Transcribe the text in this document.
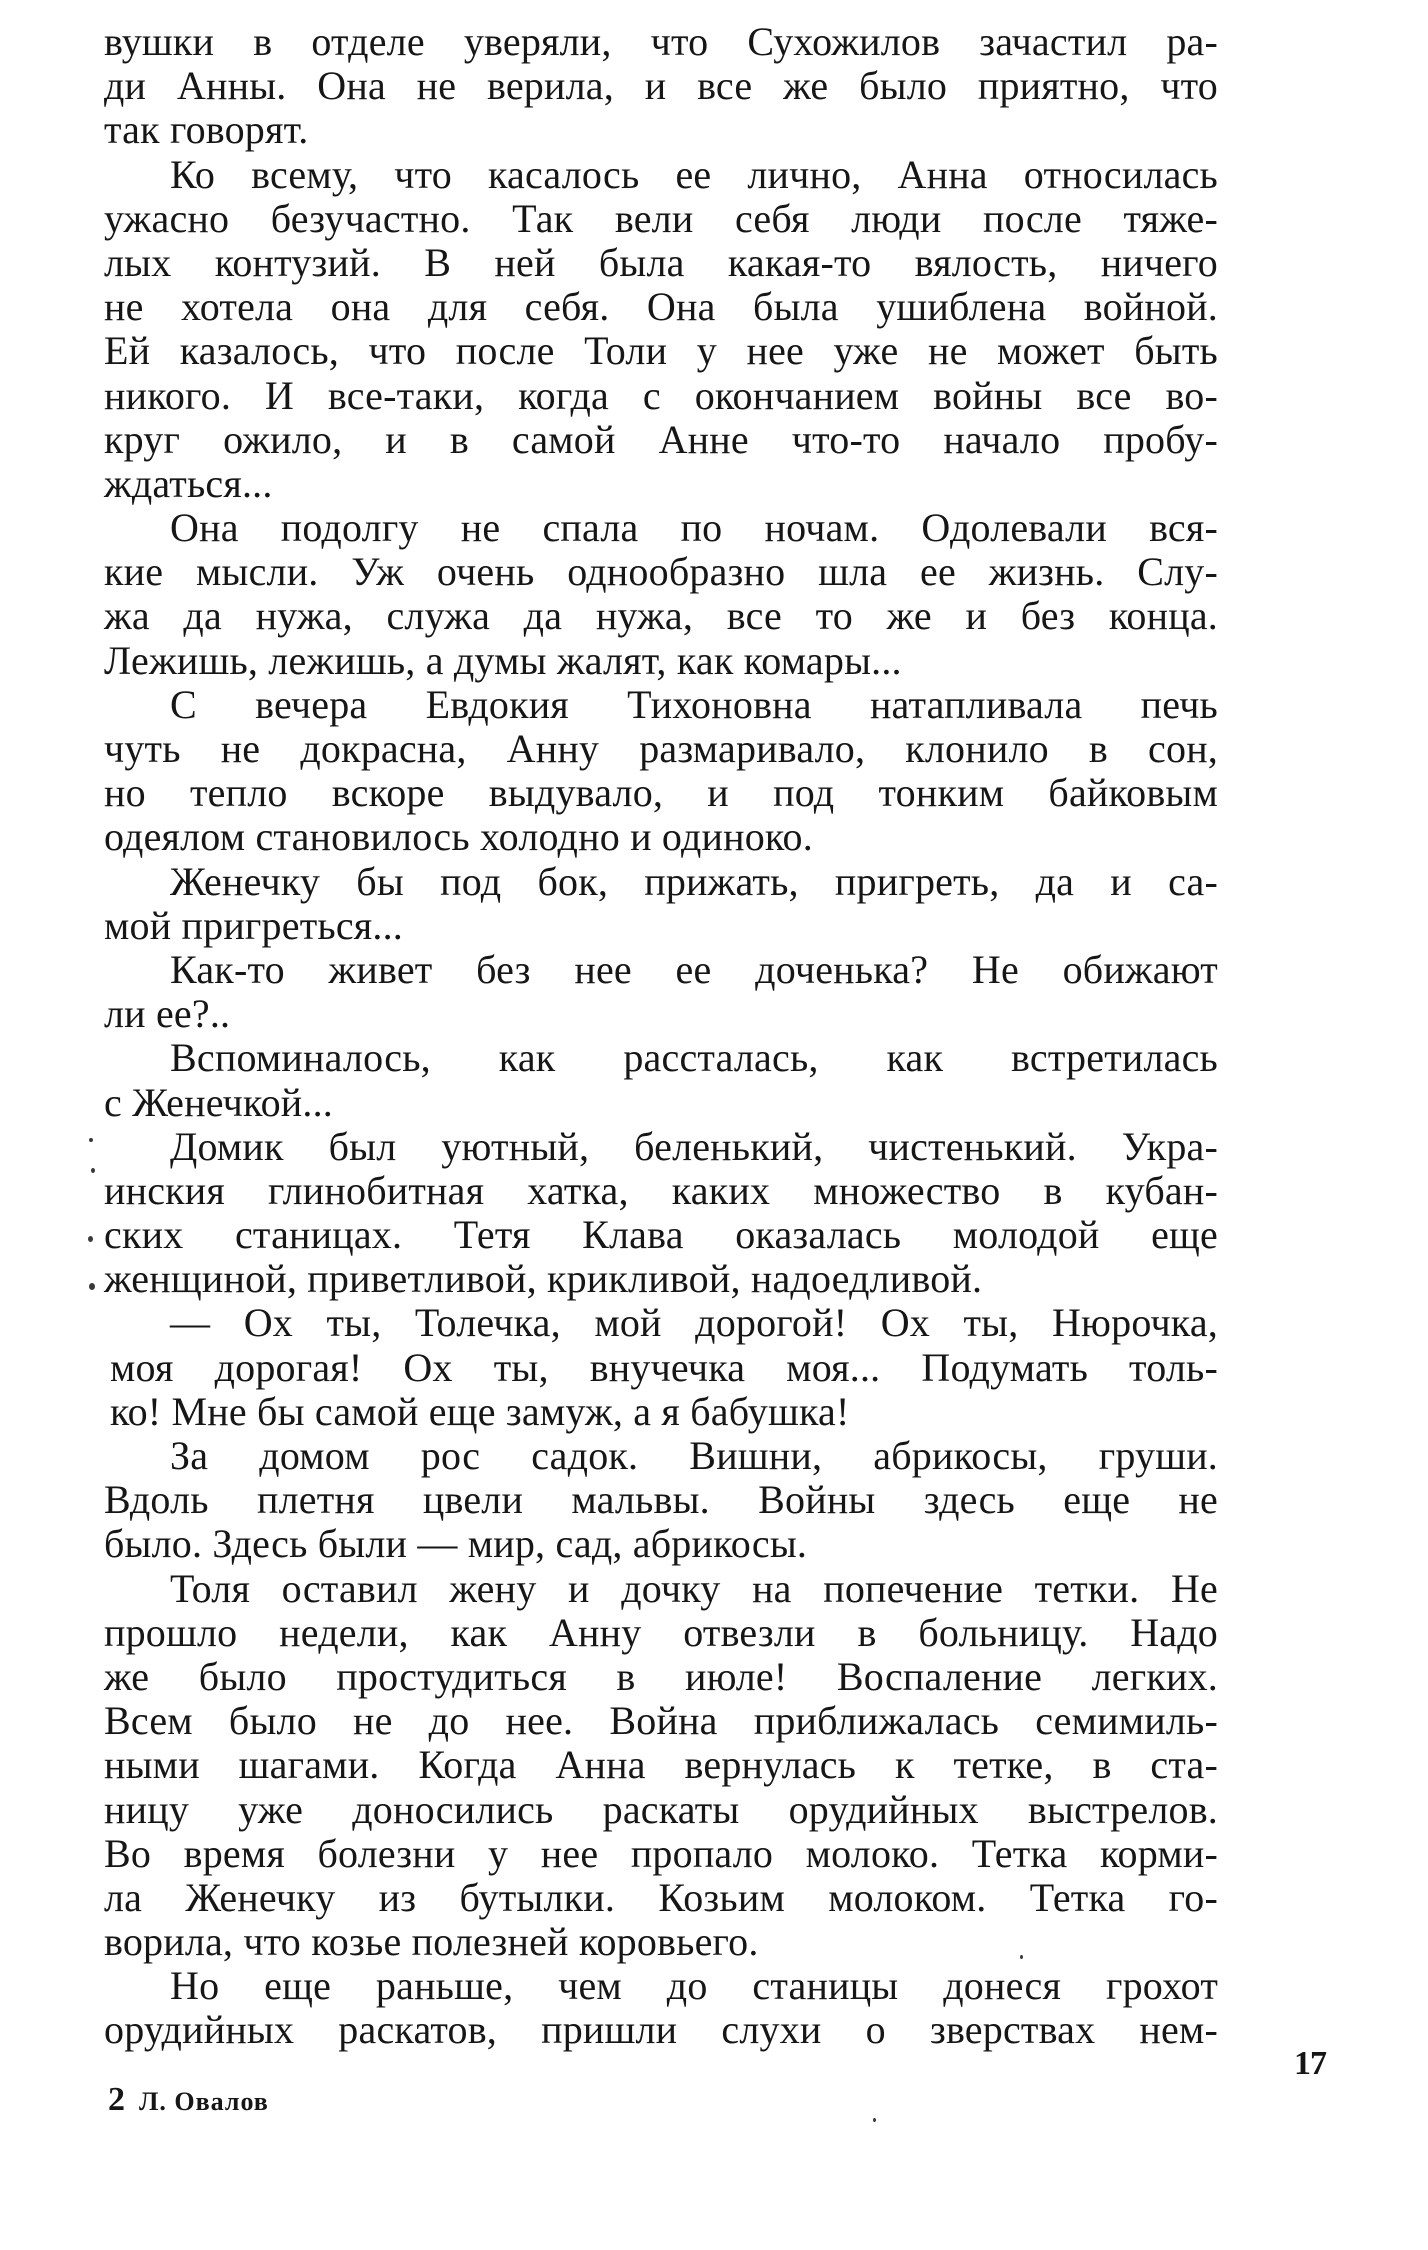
вушки в отделе уверяли, что Сухожилов зачастил ра-
ди Анны. Она не верила, и все же было приятно, что
так говорят.
Ко всему, что касалось ее лично, Анна относилась
ужасно безучастно. Так вели себя люди после тяже-
лых контузий. В ней была какая-то вялость, ничего
не хотела она для себя. Она была ушиблена войной.
Ей казалось, что после Толи у нее уже не может быть
никого. И все-таки, когда с окончанием войны все во-
круг ожило, и в самой Анне что-то начало пробу-
ждаться...
Она подолгу не спала по ночам. Одолевали вся-
кие мысли. Уж очень однообразно шла ее жизнь. Слу-
жа да нужа, служа да нужа, все то же и без конца.
Лежишь, лежишь, а думы жалят, как комары...
С вечера Евдокия Тихоновна натапливала печь
чуть не докрасна, Анну размаривало, клонило в сон,
но тепло вскоре выдувало, и под тонким байковым
одеялом становилось холодно и одиноко.
Женечку бы под бок, прижать, пригреть, да и са-
мой пригреться...
Как-то живет без нее ее доченька? Не обижают
ли ее?..
Вспоминалось, как рассталась, как встретилась
с Женечкой...
Домик был уютный, беленький, чистенький. Укра-
инския глинобитная хатка, каких множество в кубан-
ских станицах. Тетя Клава оказалась молодой еще
женщиной, приветливой, крикливой, надоедливой.
— Ох ты, Толечка, мой дорогой! Ох ты, Нюрочка,
моя дорогая! Ох ты, внучечка моя... Подумать толь-
ко! Мне бы самой еще замуж, а я бабушка!
За домом рос садок. Вишни, абрикосы, груши.
Вдоль плетня цвели мальвы. Войны здесь еще не
было. Здесь были — мир, сад, абрикосы.
Толя оставил жену и дочку на попечение тетки. Не
прошло недели, как Анну отвезли в больницу. Надо
же было простудиться в июле! Воспаление легких.
Всем было не до нее. Война приближалась семимиль-
ными шагами. Когда Анна вернулась к тетке, в ста-
ницу уже доносились раскаты орудийных выстрелов.
Во время болезни у нее пропало молоко. Тетка корми-
ла Женечку из бутылки. Козьим молоком. Тетка го-
ворила, что козье полезней коровьего.
Но еще раньше, чем до станицы донеся грохот
орудийных раскатов, пришли слухи о зверствах нем-
17
2 Л. Овалов
